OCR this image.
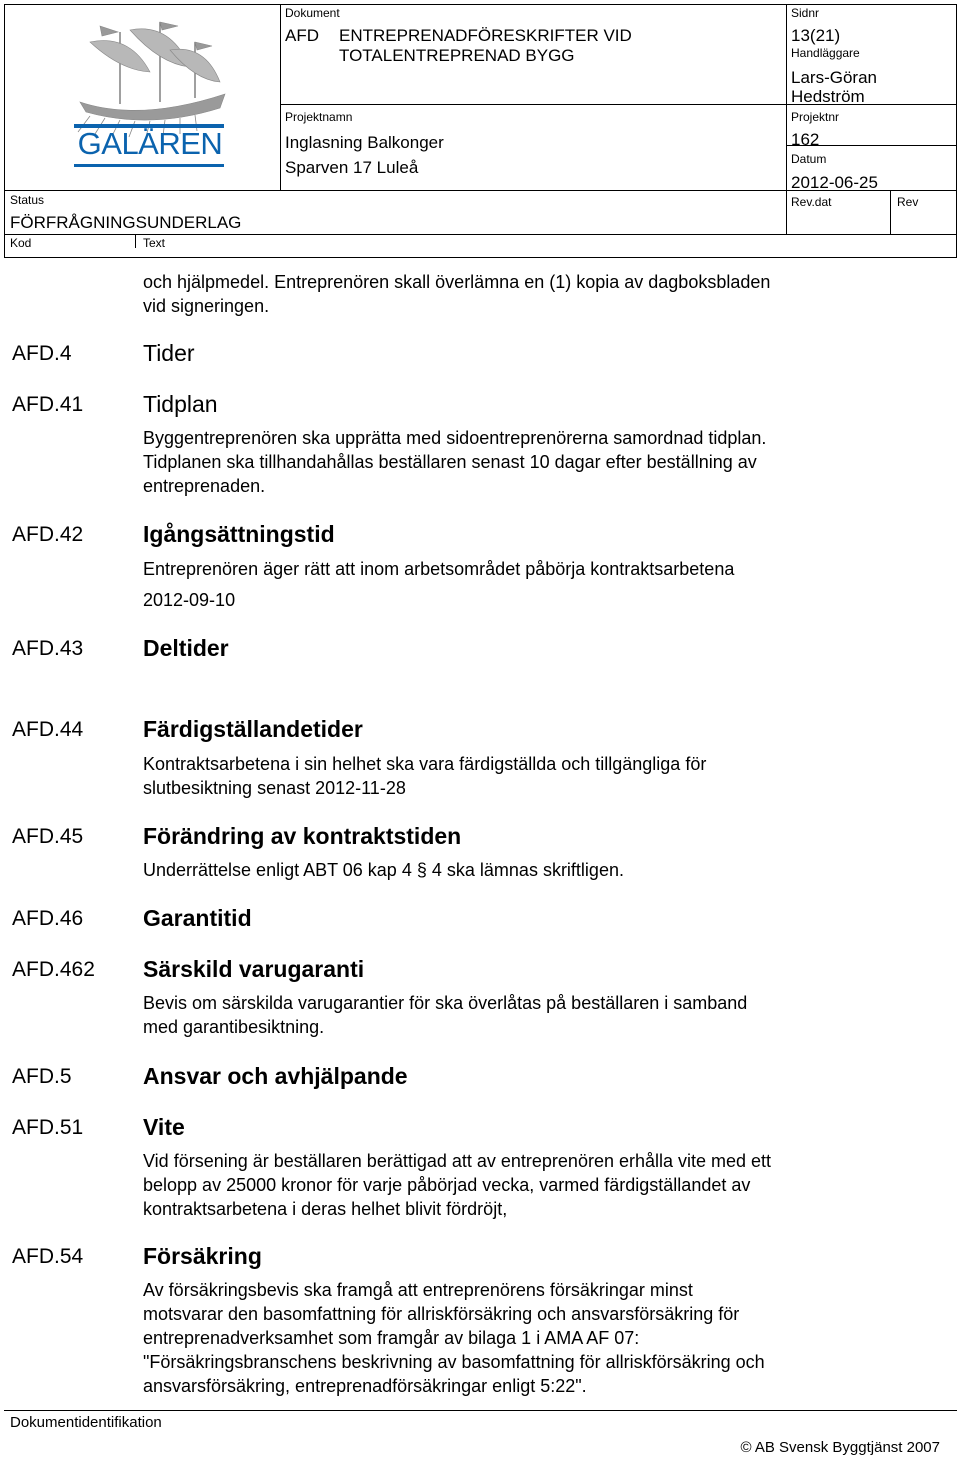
GALÄREN
Status
FÖRFRÅGNINGSUNDERLAG
Kod	Text
Dokument
AFD ENTREPRENADFÖRESKRIFTER VID
TOTALENTREPRENAD BYGG
Projektnamn
Inglasning Balkonger
Sparven 17 Luleå
Sidnr
13(21)
Handläggare
Lars-Göran
Hedström
Projektnr
162
Datum
2012-06-25
Rev.dat	Rev
och hjälpmedel. Entreprenören skall överlämna en (1) kopia av dagboksbladen
vid signeringen.
AFD.4	Tider
AFD.41	Tidplan
Byggentreprenören ska upprätta med sidoentreprenörerna samordnad tidplan.
Tidplanen ska tillhandahållas beställaren senast 10 dagar efter beställning av
entreprenaden.
AFD.42	Igångsättningstid
Entreprenören äger rätt att inom arbetsområdet påbörja kontraktsarbetena
2012-09-10
AFD.43	Deltider
AFD.44	Färdigställandetider
Kontraktsarbetena i sin helhet ska vara färdigställda och tillgängliga för
slutbesiktning senast 2012-11-28
AFD.45	Förändring av kontraktstiden
Underrättelse enligt ABT 06 kap 4 § 4 ska lämnas skriftligen.
AFD.46	Garantitid
AFD.462 Särskild varugaranti
Bevis om särskilda varugarantier för ska överlåtas på beställaren i samband
med garantibesiktning.
AFD.5	Ansvar och avhjälpande
AFD.51	Vite
Vid försening är beställaren berättigad att av entreprenören erhålla vite med ett
belopp av 25000 kronor för varje påbörjad vecka, varmed färdigställandet av
kontraktsarbetena i deras helhet blivit fördröjt,
AFD.54	Försäkring
Av försäkringsbevis ska framgå att entreprenörens försäkringar minst
motsvarar den basomfattning för allriskförsäkring och ansvarsförsäkring för
entreprenadverksamhet som framgår av bilaga 1 i AMA AF 07:
"Försäkringsbranschens beskrivning av basomfattning för allriskförsäkring och
ansvarsförsäkring, entreprenadförsäkringar enligt 5:22".
Dokumentidentifikation
© AB Svensk Byggtjänst 2007
